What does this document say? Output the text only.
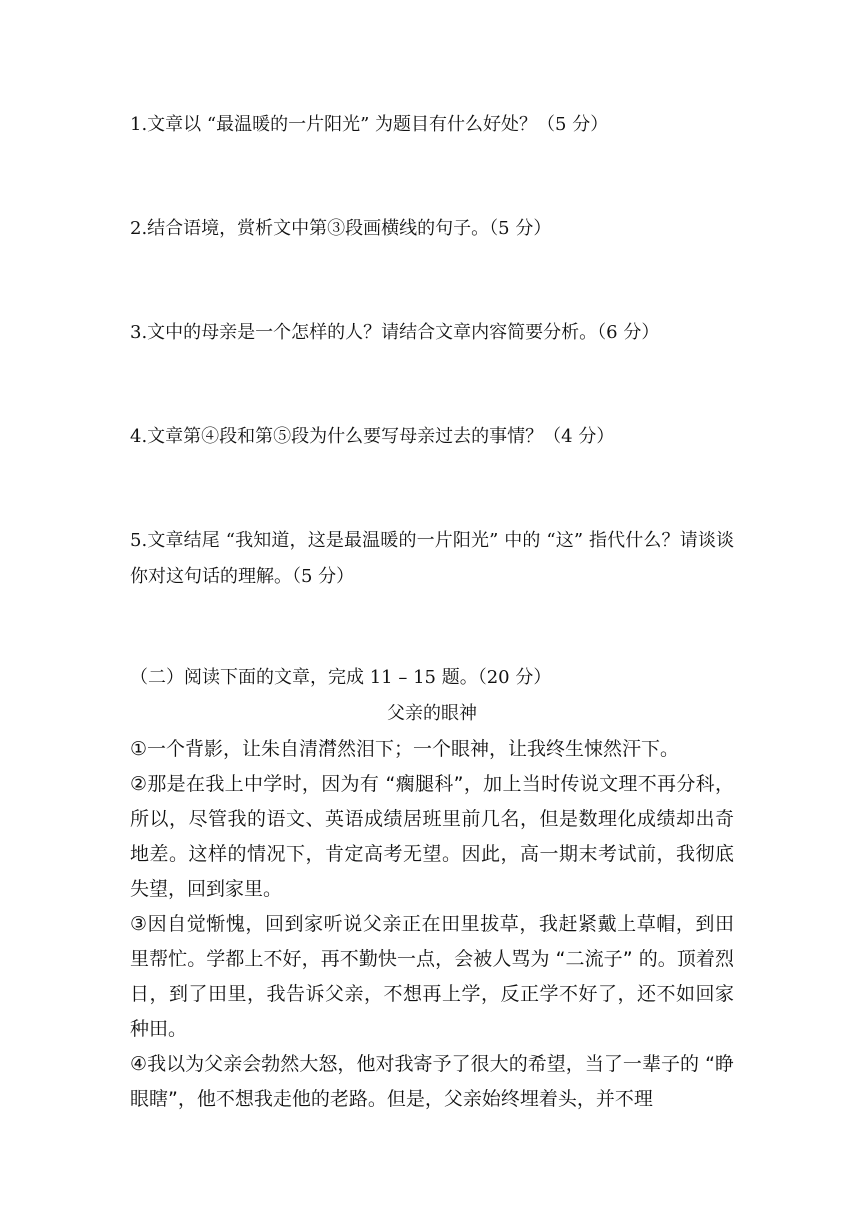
1.文章以 “最温暖的一片阳光” 为题目有什么好处？（5 分）

2.结合语境，赏析文中第③段画横线的句子。（5 分）

3.文中的母亲是一个怎样的人？请结合文章内容简要分析。（6 分）

4.文章第④段和第⑤段为什么要写母亲过去的事情？（4 分）

5.文章结尾 “我知道，这是最温暖的一片阳光” 中的 “这” 指代什么？请谈谈你对这句话的理解。（5 分）

（二）阅读下面的文章，完成 11 – 15 题。（20 分）

父亲的眼神

①一个背影，让朱自清潸然泪下；一个眼神，让我终生悚然汗下。

②那是在我上中学时，因为有 “瘸腿科”，加上当时传说文理不再分科，所以，尽管我的语文、英语成绩居班里前几名，但是数理化成绩却出奇地差。这样的情况下，肯定高考无望。因此，高一期末考试前，我彻底失望，回到家里。

③因自觉惭愧，回到家听说父亲正在田里拔草，我赶紧戴上草帽，到田里帮忙。学都上不好，再不勤快一点，会被人骂为 “二流子” 的。顶着烈日，到了田里，我告诉父亲，不想再上学，反正学不好了，还不如回家种田。

④我以为父亲会勃然大怒，他对我寄予了很大的希望，当了一辈子的 “睁眼瞎”，他不想我走他的老路。但是，父亲始终埋着头，并不理
